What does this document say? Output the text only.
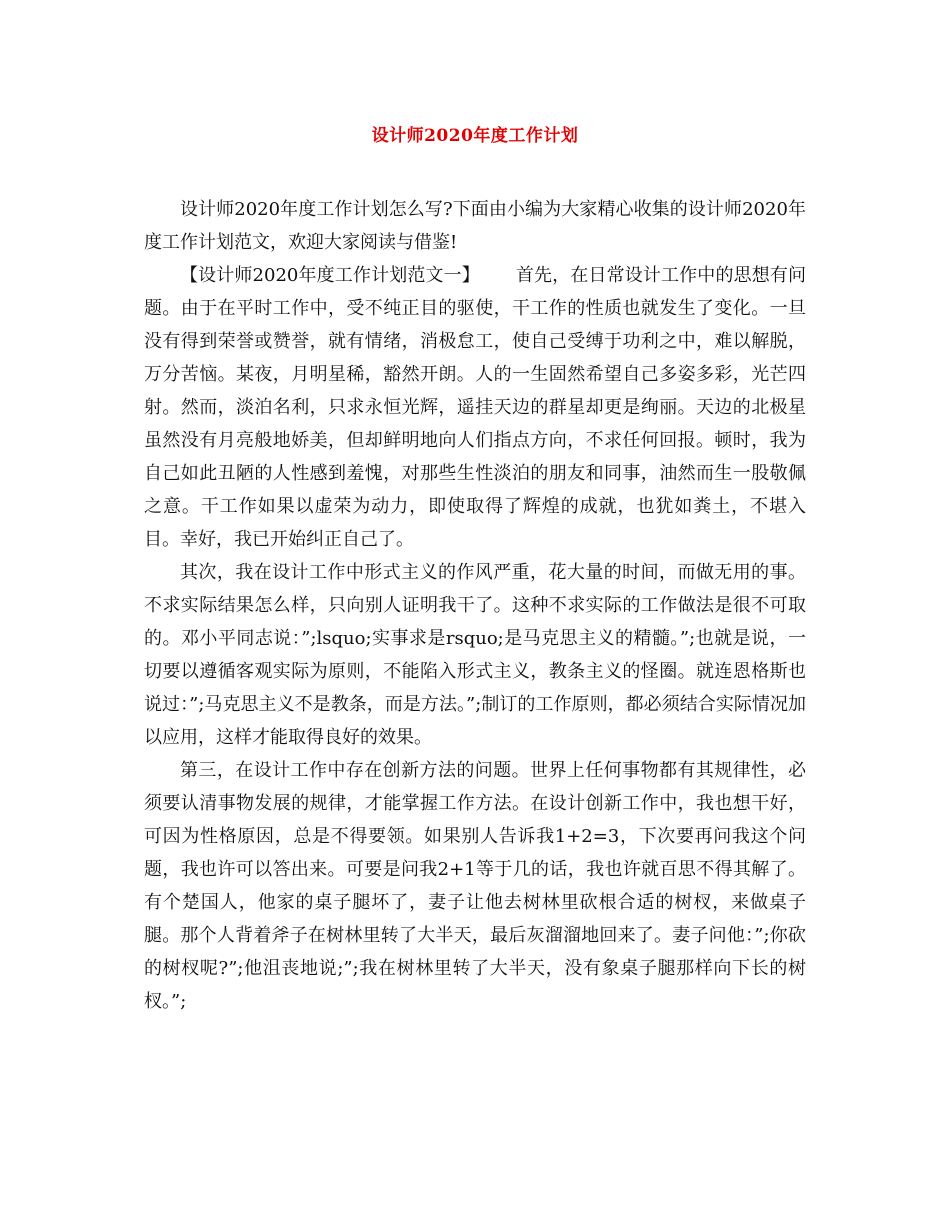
设计师2020年度工作计划

设计师2020年度工作计划怎么写?下面由小编为大家精心收集的设计师2020年度工作计划范文，欢迎大家阅读与借鉴!

【设计师2020年度工作计划范文一】 首先，在日常设计工作中的思想有问题。由于在平时工作中，受不纯正目的驱使，干工作的性质也就发生了变化。一旦没有得到荣誉或赞誉，就有情绪，消极怠工，使自己受缚于功利之中，难以解脱，万分苦恼。某夜，月明星稀，豁然开朗。人的一生固然希望自己多姿多彩，光芒四射。然而，淡泊名利，只求永恒光辉，遥挂天边的群星却更是绚丽。天边的北极星虽然没有月亮般地娇美，但却鲜明地向人们指点方向，不求任何回报。顿时，我为自己如此丑陋的人性感到羞愧，对那些生性淡泊的朋友和同事，油然而生一股敬佩之意。干工作如果以虚荣为动力，即使取得了辉煌的成就，也犹如粪土，不堪入目。幸好，我已开始纠正自己了。

其次，我在设计工作中形式主义的作风严重，花大量的时间，而做无用的事。不求实际结果怎么样，只向别人证明我干了。这种不求实际的工作做法是很不可取的。邓小平同志说：”;lsquo;实事求是rsquo;是马克思主义的精髓。”;也就是说，一切要以遵循客观实际为原则，不能陷入形式主义，教条主义的怪圈。就连恩格斯也说过：”;马克思主义不是教条，而是方法。”;制订的工作原则，都必须结合实际情况加以应用，这样才能取得良好的效果。

第三，在设计工作中存在创新方法的问题。世界上任何事物都有其规律性，必须要认清事物发展的规律，才能掌握工作方法。在设计创新工作中，我也想干好，可因为性格原因，总是不得要领。如果别人告诉我1+2=3，下次要再问我这个问题，我也许可以答出来。可要是问我2+1等于几的话，我也许就百思不得其解了。有个楚国人，他家的桌子腿坏了，妻子让他去树林里砍根合适的树杈，来做桌子腿。那个人背着斧子在树林里转了大半天，最后灰溜溜地回来了。妻子问他：”;你砍的树杈呢?”;他沮丧地说;”;我在树林里转了大半天，没有象桌子腿那样向下长的树杈。”;
